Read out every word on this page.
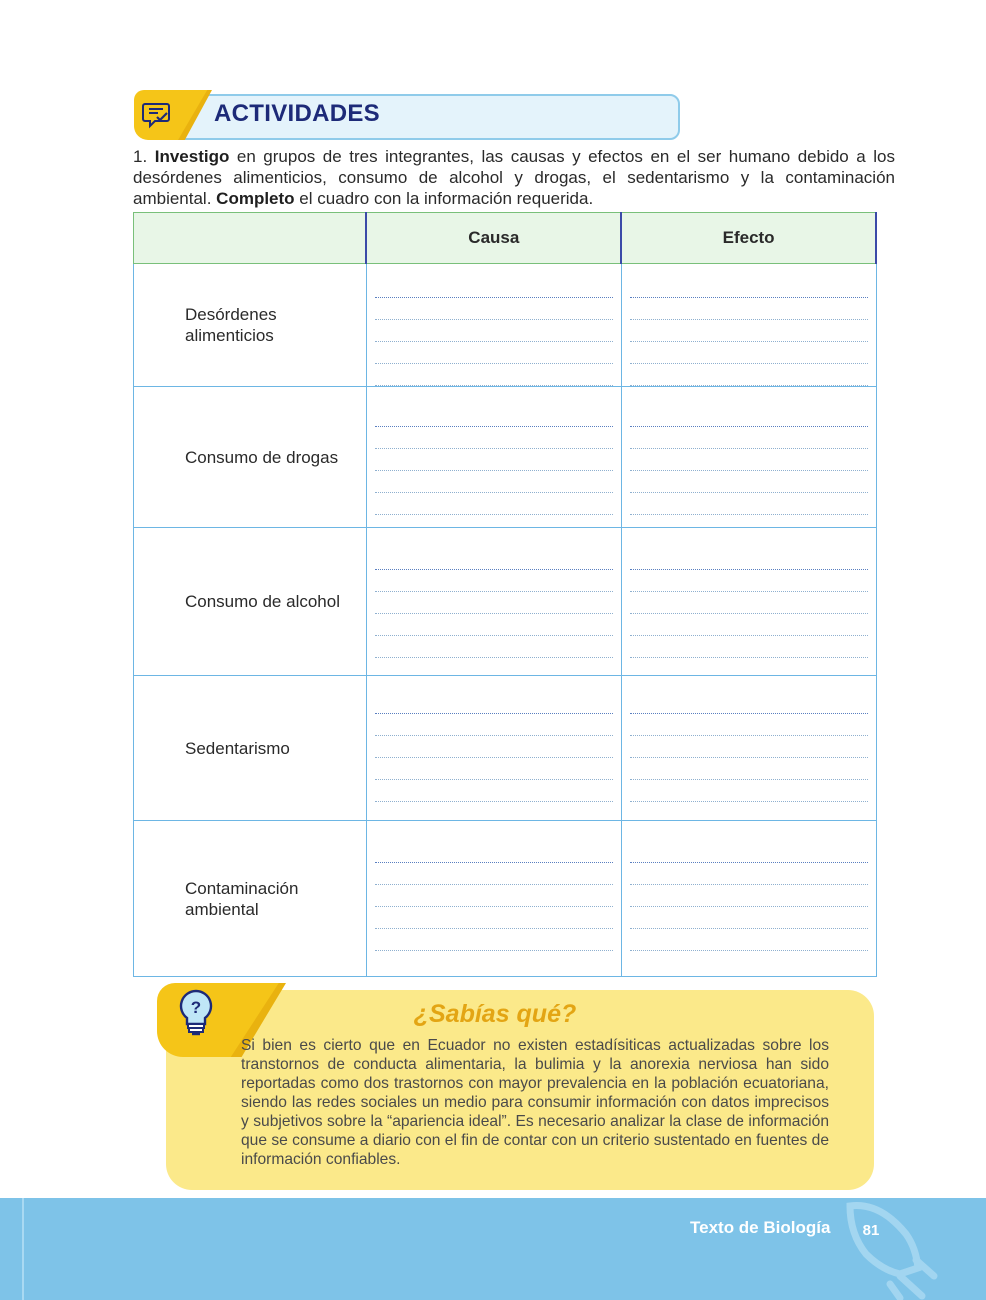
ACTIVIDADES

1. Investigo en grupos de tres integrantes, las causas y efectos en el ser humano debido a los desórdenes alimenticios, consumo de alcohol y drogas, el sedentarismo y la contaminación ambiental. Completo el cuadro con la información requerida.

	Causa	Efecto

Desórdenes alimenticios		

Consumo de drogas	

Consumo de alcohol	

Sedentarismo	

Contaminación ambiental		

?	¿Sabías qué?

Si bien es cierto que en Ecuador no existen estadísiticas actualizadas sobre los transtornos de conducta alimentaria, la bulimia y la anorexia nerviosa han sido reportadas como dos trastornos con mayor prevalencia en la población ecuatoriana, siendo las redes sociales un medio para consumir información con datos imprecisos y subjetivos sobre la “apariencia ideal”. Es necesario analizar la clase de información que se consume a diario con el fin de contar con un criterio sustentado en fuentes de información confiables.

Texto de Biología	81
